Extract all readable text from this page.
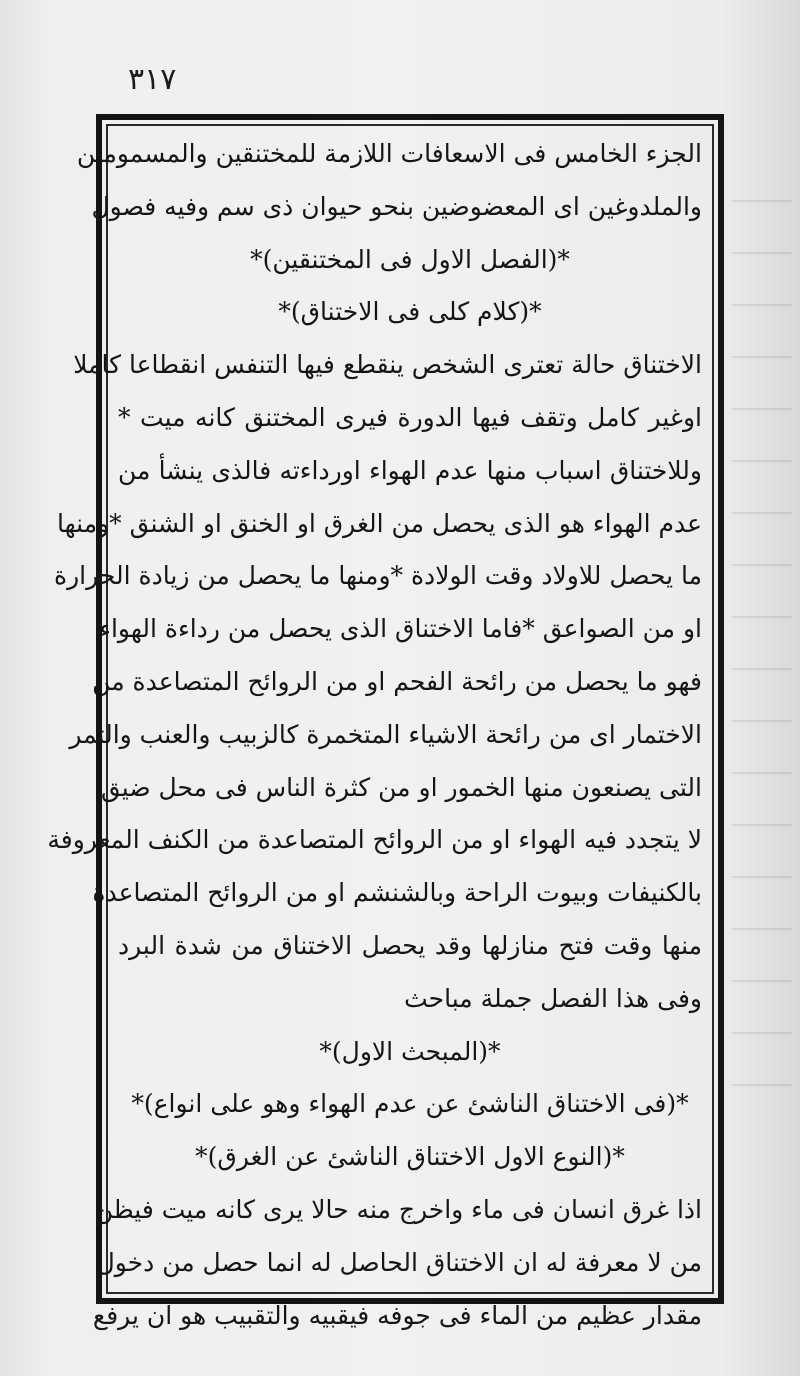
٣١٧
الجزء الخامس فى الاسعافات اللازمة للمختنقين والمسمومين
والملدوغين اى المعضوضين بنحو حيوان ذى سم وفيه فصول
*(الفصل الاول فى المختنقين)*
*(كلام كلى فى الاختناق)*
الاختناق حالة تعترى الشخص ينقطع فيها التنفس انقطاعا كاملا
اوغير كامل وتقف فيها الدورة فيرى المختنق كانه ميت *
وللاختناق اسباب منها عدم الهواء اورداءته فالذى ينشأ من
عدم الهواء هو الذى يحصل من الغرق او الخنق او الشنق *ومنها
ما يحصل للاولاد وقت الولادة *ومنها ما يحصل من زيادة الحرارة
او من الصواعق *فاما الاختناق الذى يحصل من رداءة الهواء
فهو ما يحصل من رائحة الفحم او من الروائح المتصاعدة من
الاختمار اى من رائحة الاشياء المتخمرة كالزبيب والعنب والتمر
التى يصنعون منها الخمور او من كثرة الناس فى محل ضيق
لا يتجدد فيه الهواء او من الروائح المتصاعدة من الكنف المعروفة
بالكنيفات وبيوت الراحة وبالشنشم او من الروائح المتصاعدة
منها وقت فتح منازلها وقد يحصل الاختناق من شدة البرد
وفى هذا الفصل جملة مباحث
*(المبحث الاول)*
*(فى الاختناق الناشئ عن عدم الهواء وهو على انواع)*
*(النوع الاول الاختناق الناشئ عن الغرق)*
اذا غرق انسان فى ماء واخرج منه حالا يرى كانه ميت فيظن
من لا معرفة له ان الاختناق الحاصل له انما حصل من دخول
مقدار عظيم من الماء فى جوفه فيقبيه والتقبيب هو ان يرفع
